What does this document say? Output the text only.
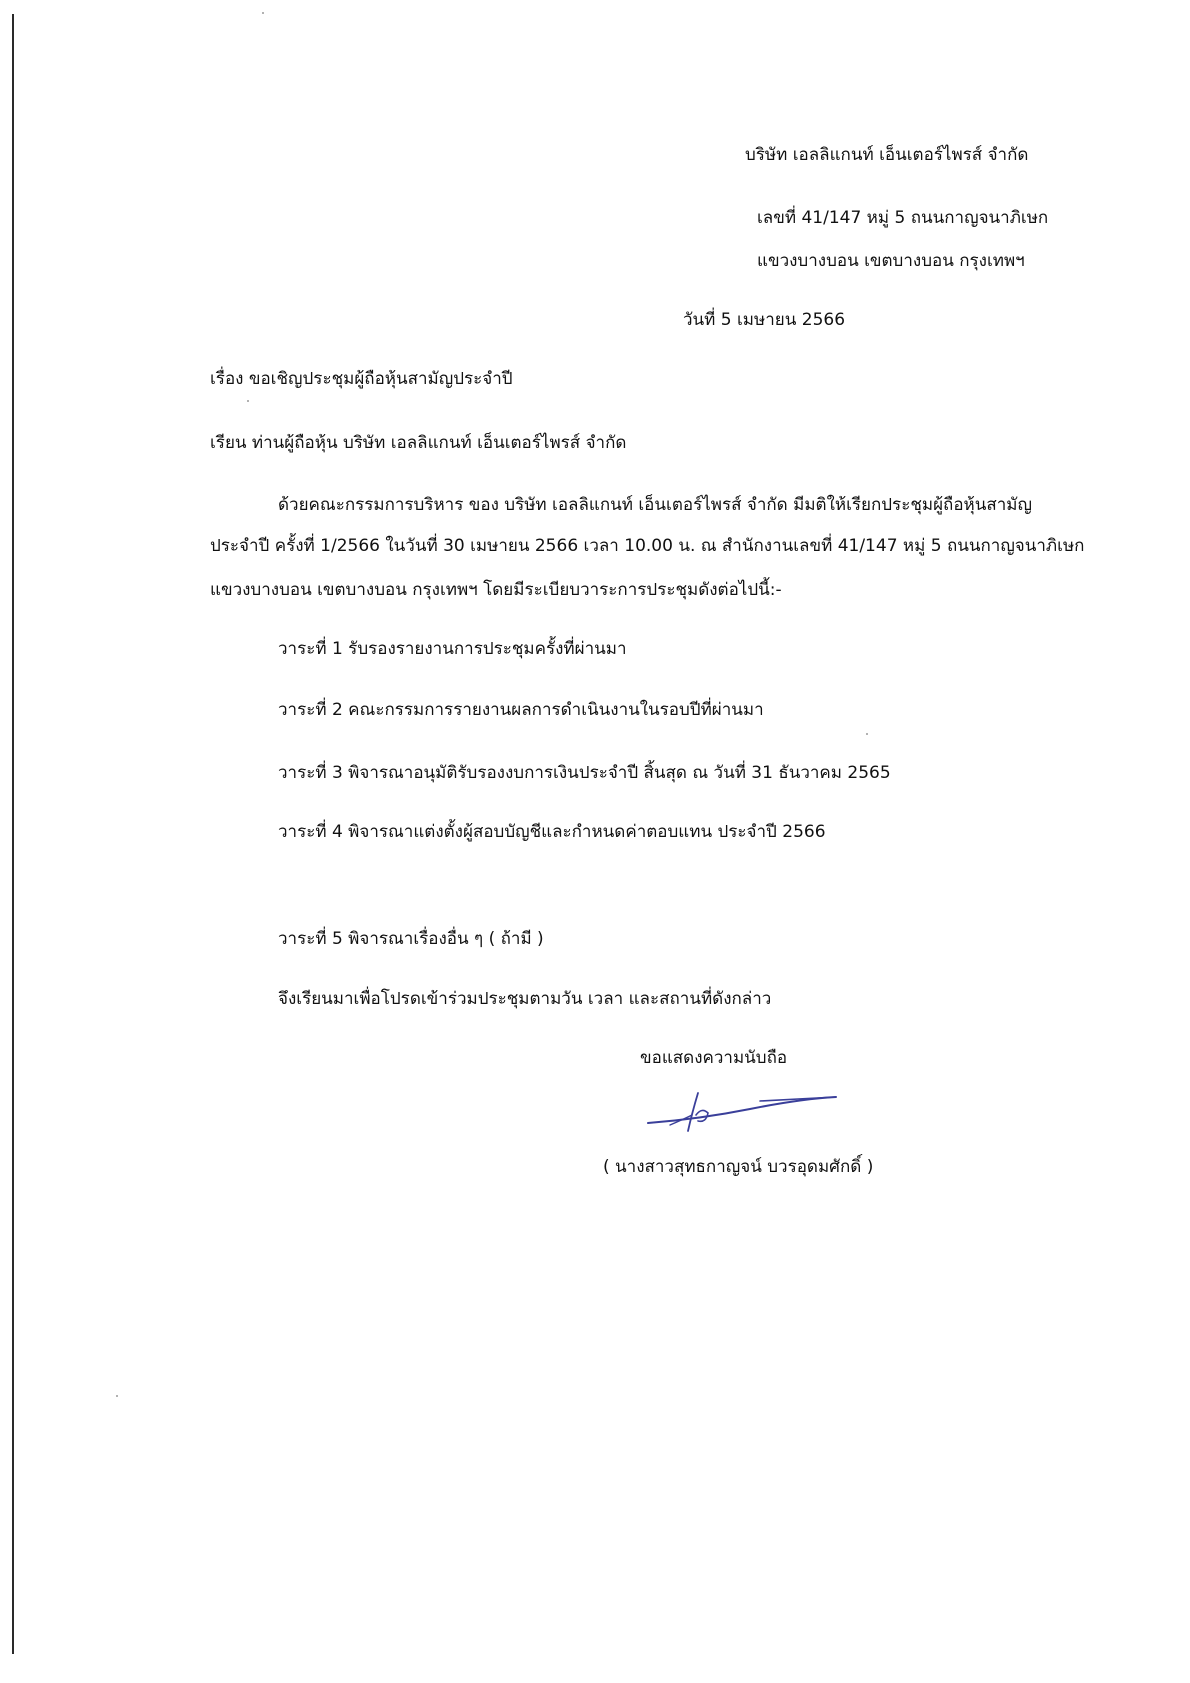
บริษัท เอลลิแกนท์ เอ็นเตอร์ไพรส์ จำกัด
เลขที่ 41/147 หมู่ 5 ถนนกาญจนาภิเษก
แขวงบางบอน เขตบางบอน กรุงเทพฯ
วันที่ 5 เมษายน 2566
เรื่อง ขอเชิญประชุมผู้ถือหุ้นสามัญประจำปี
เรียน ท่านผู้ถือหุ้น บริษัท เอลลิแกนท์ เอ็นเตอร์ไพรส์ จำกัด
ด้วยคณะกรรมการบริหาร ของ บริษัท เอลลิแกนท์ เอ็นเตอร์ไพรส์ จำกัด มีมติให้เรียกประชุมผู้ถือหุ้นสามัญ
ประจำปี ครั้งที่ 1/2566 ในวันที่ 30 เมษายน 2566 เวลา 10.00 น. ณ สำนักงานเลขที่ 41/147 หมู่ 5 ถนนกาญจนาภิเษก
แขวงบางบอน เขตบางบอน กรุงเทพฯ โดยมีระเบียบวาระการประชุมดังต่อไปนี้:-
วาระที่ 1 รับรองรายงานการประชุมครั้งที่ผ่านมา
วาระที่ 2 คณะกรรมการรายงานผลการดำเนินงานในรอบปีที่ผ่านมา
วาระที่ 3 พิจารณาอนุมัติรับรองงบการเงินประจำปี สิ้นสุด ณ วันที่ 31 ธันวาคม 2565
วาระที่ 4 พิจารณาแต่งตั้งผู้สอบบัญชีและกำหนดค่าตอบแทน ประจำปี 2566
วาระที่ 5 พิจารณาเรื่องอื่น ๆ ( ถ้ามี )
จึงเรียนมาเพื่อโปรดเข้าร่วมประชุมตามวัน เวลา และสถานที่ดังกล่าว
ขอแสดงความนับถือ
( นางสาวสุทธกาญจน์ บวรอุดมศักดิ์ )
